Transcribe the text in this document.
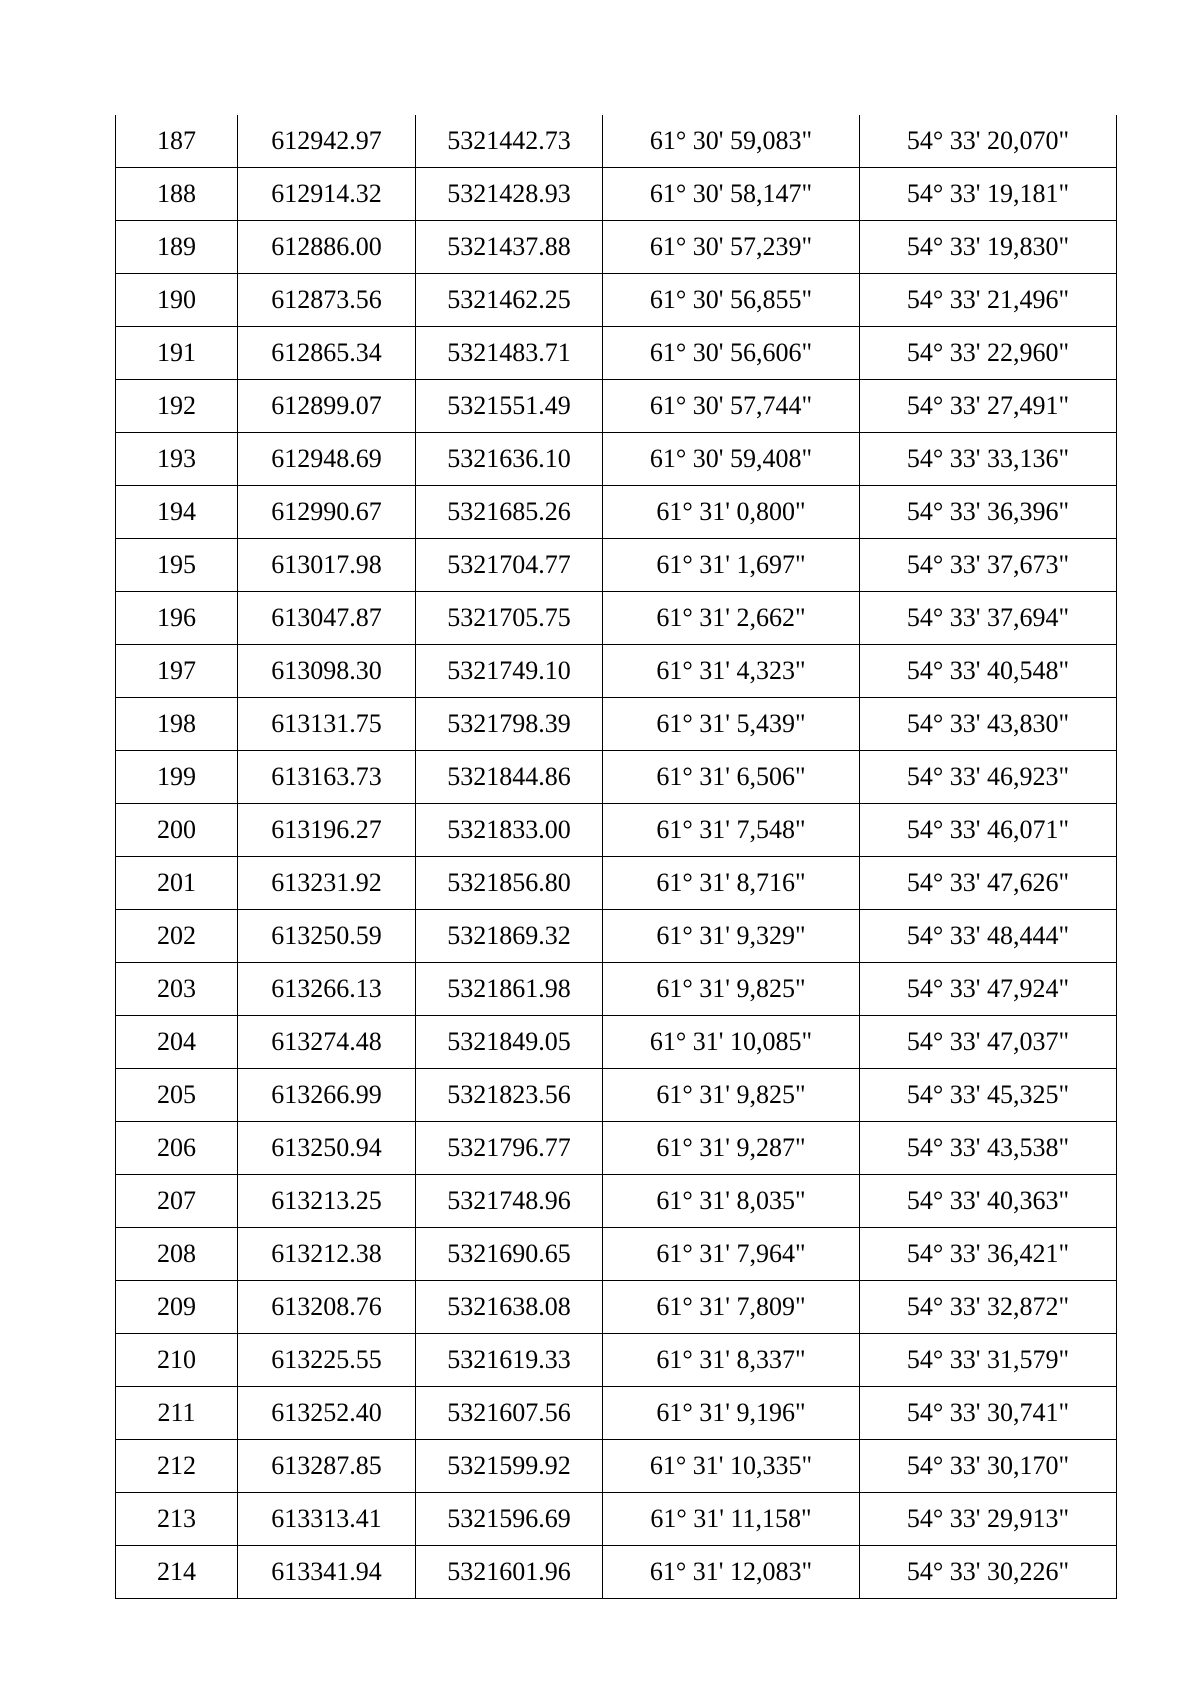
187	612942.97	5321442.73	61° 30' 59,083"	54° 33' 20,070"
188	612914.32	5321428.93	61° 30' 58,147"	54° 33' 19,181"
189	612886.00	5321437.88	61° 30' 57,239"	54° 33' 19,830"
190	612873.56	5321462.25	61° 30' 56,855"	54° 33' 21,496"
191	612865.34	5321483.71	61° 30' 56,606"	54° 33' 22,960"
192	612899.07	5321551.49	61° 30' 57,744"	54° 33' 27,491"
193	612948.69	5321636.10	61° 30' 59,408"	54° 33' 33,136"
194	612990.67	5321685.26	61° 31' 0,800"	54° 33' 36,396"
195	613017.98	5321704.77	61° 31' 1,697"	54° 33' 37,673"
196	613047.87	5321705.75	61° 31' 2,662"	54° 33' 37,694"
197	613098.30	5321749.10	61° 31' 4,323"	54° 33' 40,548"
198	613131.75	5321798.39	61° 31' 5,439"	54° 33' 43,830"
199	613163.73	5321844.86	61° 31' 6,506"	54° 33' 46,923"
200	613196.27	5321833.00	61° 31' 7,548"	54° 33' 46,071"
201	613231.92	5321856.80	61° 31' 8,716"	54° 33' 47,626"
202	613250.59	5321869.32	61° 31' 9,329"	54° 33' 48,444"
203	613266.13	5321861.98	61° 31' 9,825"	54° 33' 47,924"
204	613274.48	5321849.05	61° 31' 10,085"	54° 33' 47,037"
205	613266.99	5321823.56	61° 31' 9,825"	54° 33' 45,325"
206	613250.94	5321796.77	61° 31' 9,287"	54° 33' 43,538"
207	613213.25	5321748.96	61° 31' 8,035"	54° 33' 40,363"
208	613212.38	5321690.65	61° 31' 7,964"	54° 33' 36,421"
209	613208.76	5321638.08	61° 31' 7,809"	54° 33' 32,872"
210	613225.55	5321619.33	61° 31' 8,337"	54° 33' 31,579"
211	613252.40	5321607.56	61° 31' 9,196"	54° 33' 30,741"
212	613287.85	5321599.92	61° 31' 10,335"	54° 33' 30,170"
213	613313.41	5321596.69	61° 31' 11,158"	54° 33' 29,913"
214	613341.94	5321601.96	61° 31' 12,083"	54° 33' 30,226"
